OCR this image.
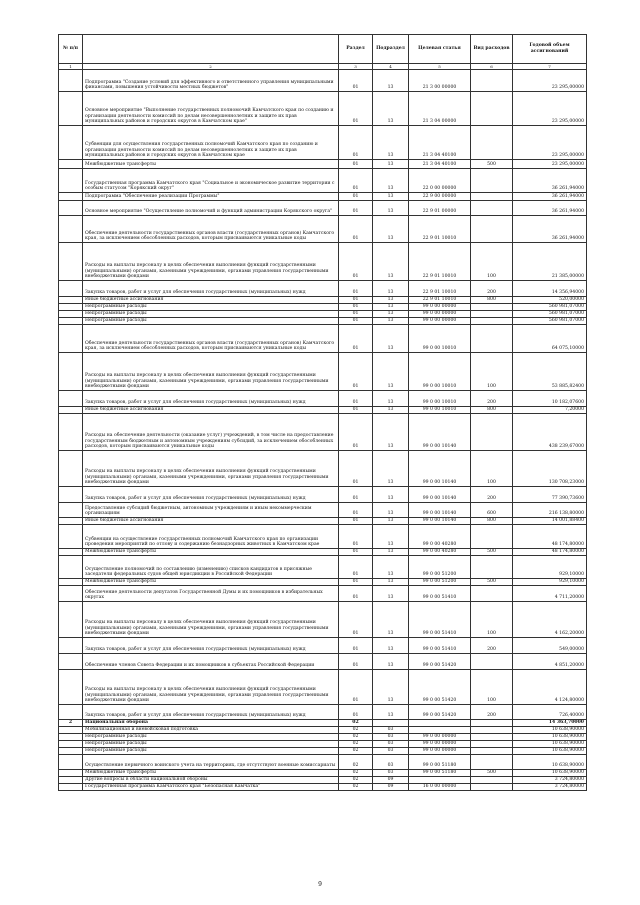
№ п/п		Раздел	Подраздел	Целевая статья	Вид расходов	Годовой объем ассигнований
1	2	3	4	5	6	7
	Подпрограмма "Создание условий для эффективного и ответственного управления муниципальными финансами, повышения устойчивости местных бюджетов"	01	13	21 3 00 00000		23 295,00000
	Основное мероприятие "Выполнение государственных полномочий Камчатского края по созданию и организации деятельности комиссий по делам несовершеннолетних и защите их прав муниципальных районов и городских округов в Камчатском крае"	01	13	21 3 04 00000		23 295,00000
	Субвенции для осуществления государственных полномочий Камчатского края по созданию и организации деятельности комиссий по делам несовершеннолетних и защите их прав муниципальных районов и городских округов в Камчатском крае	01	13	21 3 04 40100		23 295,00000
	Межбюджетные трансферты	01	13	21 3 04 40100	500	23 295,00000
	Государственная программа Камчатского края "Социальное и экономическое развитие территории с особым статусом "Корякский округ"	01	13	22 0 00 00000		36 261,94000
	Подпрограмма "Обеспечение реализации Программы"	01	13	22 9 00 00000		36 261,94000
	Основное мероприятие "Осуществление полномочий и функций администрации Корякского округа"	01	13	22 9 01 00000		36 261,94000
	Обеспечение деятельности государственных органов власти (государственных органов) Камчатского края, за исключением обособленных расходов, которым присваиваются уникальные коды	01	13	22 9 01 10010		36 261,94000
	Расходы на выплаты персоналу в целях обеспечения выполнения функций государственными (муниципальными) органами, казенными учреждениями, органами управления государственными внебюджетными фондами	01	13	22 9 01 10010	100	21 385,00000
	Закупка товаров, работ и услуг для обеспечения государственных (муниципальных) нужд	01	13	22 9 01 10010	200	14 356,94000
	Иные бюджетные ассигнования	01	13	22 9 01 10010	800	520,00000
	Непрограммные расходы	01	13	99 0 00 00000		560 981,07000
	Непрограммные расходы	01	13	99 0 00 00000		560 981,07000
	Непрограммные расходы	01	13	99 0 00 00000		560 981,07000
	Обеспечение деятельности государственных органов власти (государственных органов) Камчатского края, за исключением обособленных расходов, которым присваиваются уникальные коды	01	13	99 0 00 10010		64 075,10000
	Расходы на выплаты персоналу в целях обеспечения выполнения функций государственными (муниципальными) органами, казенными учреждениями, органами управления государственными внебюджетными фондами	01	13	99 0 00 10010	100	53 885,82400
	Закупка товаров, работ и услуг для обеспечения государственных (муниципальных) нужд	01	13	99 0 00 10010	200	10 182,07600
	Иные бюджетные ассигнования	01	13	99 0 00 10010	800	7,20000
	Расходы на обеспечение деятельности (оказание услуг) учреждений, в том числе на предоставление государственным бюджетным и автономным учреждениям субсидий, за исключением обособленных расходов, которым присваиваются уникальные коды	01	13	99 0 00 10140		438 239,67000
	Расходы на выплаты персоналу в целях обеспечения выполнения функций государственными (муниципальными) органами, казенными учреждениями, органами управления государственными внебюджетными фондами	01	13	99 0 00 10140	100	130 708,23000
	Закупка товаров, работ и услуг для обеспечения государственных (муниципальных) нужд	01	13	99 0 00 10140	200	77 390,73600
	Предоставление субсидий бюджетным, автономным учреждениям и иным некоммерческим организациям	01	13	99 0 00 10140	600	216 138,80000
	Иные бюджетные ассигнования	01	13	99 0 00 10140	800	14 001,88400
	Субвенции на осуществление государственных полномочий Камчатского края по организации проведения мероприятий по отлову и содержанию безнадзорных животных в Камчатском крае	01	13	99 0 00 40280		48 174,80000
	Межбюджетные трансферты	01	13	99 0 00 40280	500	48 174,80000
	Осуществление полномочий по составлению (изменению) списков кандидатов в присяжные заседатели федеральных судов общей юрисдикции в Российской Федерации	01	13	99 0 00 51200		929,10000
	Межбюджетные трансферты	01	13	99 0 00 51200	500	929,10000
	Обеспечение деятельности депутатов Государственной Думы и их помощников в избирательных округах	01	13	99 0 00 51410		4 711,20000
	Расходы на выплаты персоналу в целях обеспечения выполнения функций государственными (муниципальными) органами, казенными учреждениями, органами управления государственными внебюджетными фондами	01	13	99 0 00 51410	100	4 162,20000
	Закупка товаров, работ и услуг для обеспечения государственных (муниципальных) нужд	01	13	99 0 00 51410	200	549,00000
	Обеспечение членов Совета Федерации и их помощников в субъектах Российской Федерации	01	13	99 0 00 51420		4 851,20000
	Расходы на выплаты персоналу в целях обеспечения выполнения функций государственными (муниципальными) органами, казенными учреждениями, органами управления государственными внебюджетными фондами	01	13	99 0 00 51420	100	4 124,80000
	Закупка товаров, работ и услуг для обеспечения государственных (муниципальных) нужд	01	13	99 0 00 51420	200	726,40000
2	Национальная оборона	02				14 363,70000
	Мобилизационная и вневойсковая подготовка	02	03			10 638,90000
	Непрограммные расходы	02	03	99 0 00 00000		10 638,90000
	Непрограммные расходы	02	03	99 0 00 00000		10 638,90000
	Непрограммные расходы	02	03	99 0 00 00000		10 638,90000
	Осуществление первичного воинского учета на территориях, где отсутствуют военные комиссариаты	02	03	99 0 00 51180		10 638,90000
	Межбюджетные трансферты	02	03	99 0 00 51180	500	10 638,90000
	Другие вопросы в области национальной обороны	02	09			3 724,80000
	Государственная программа Камчатского края "Безопасная Камчатка"	02	09	16 0 00 00000		3 724,80000
9
